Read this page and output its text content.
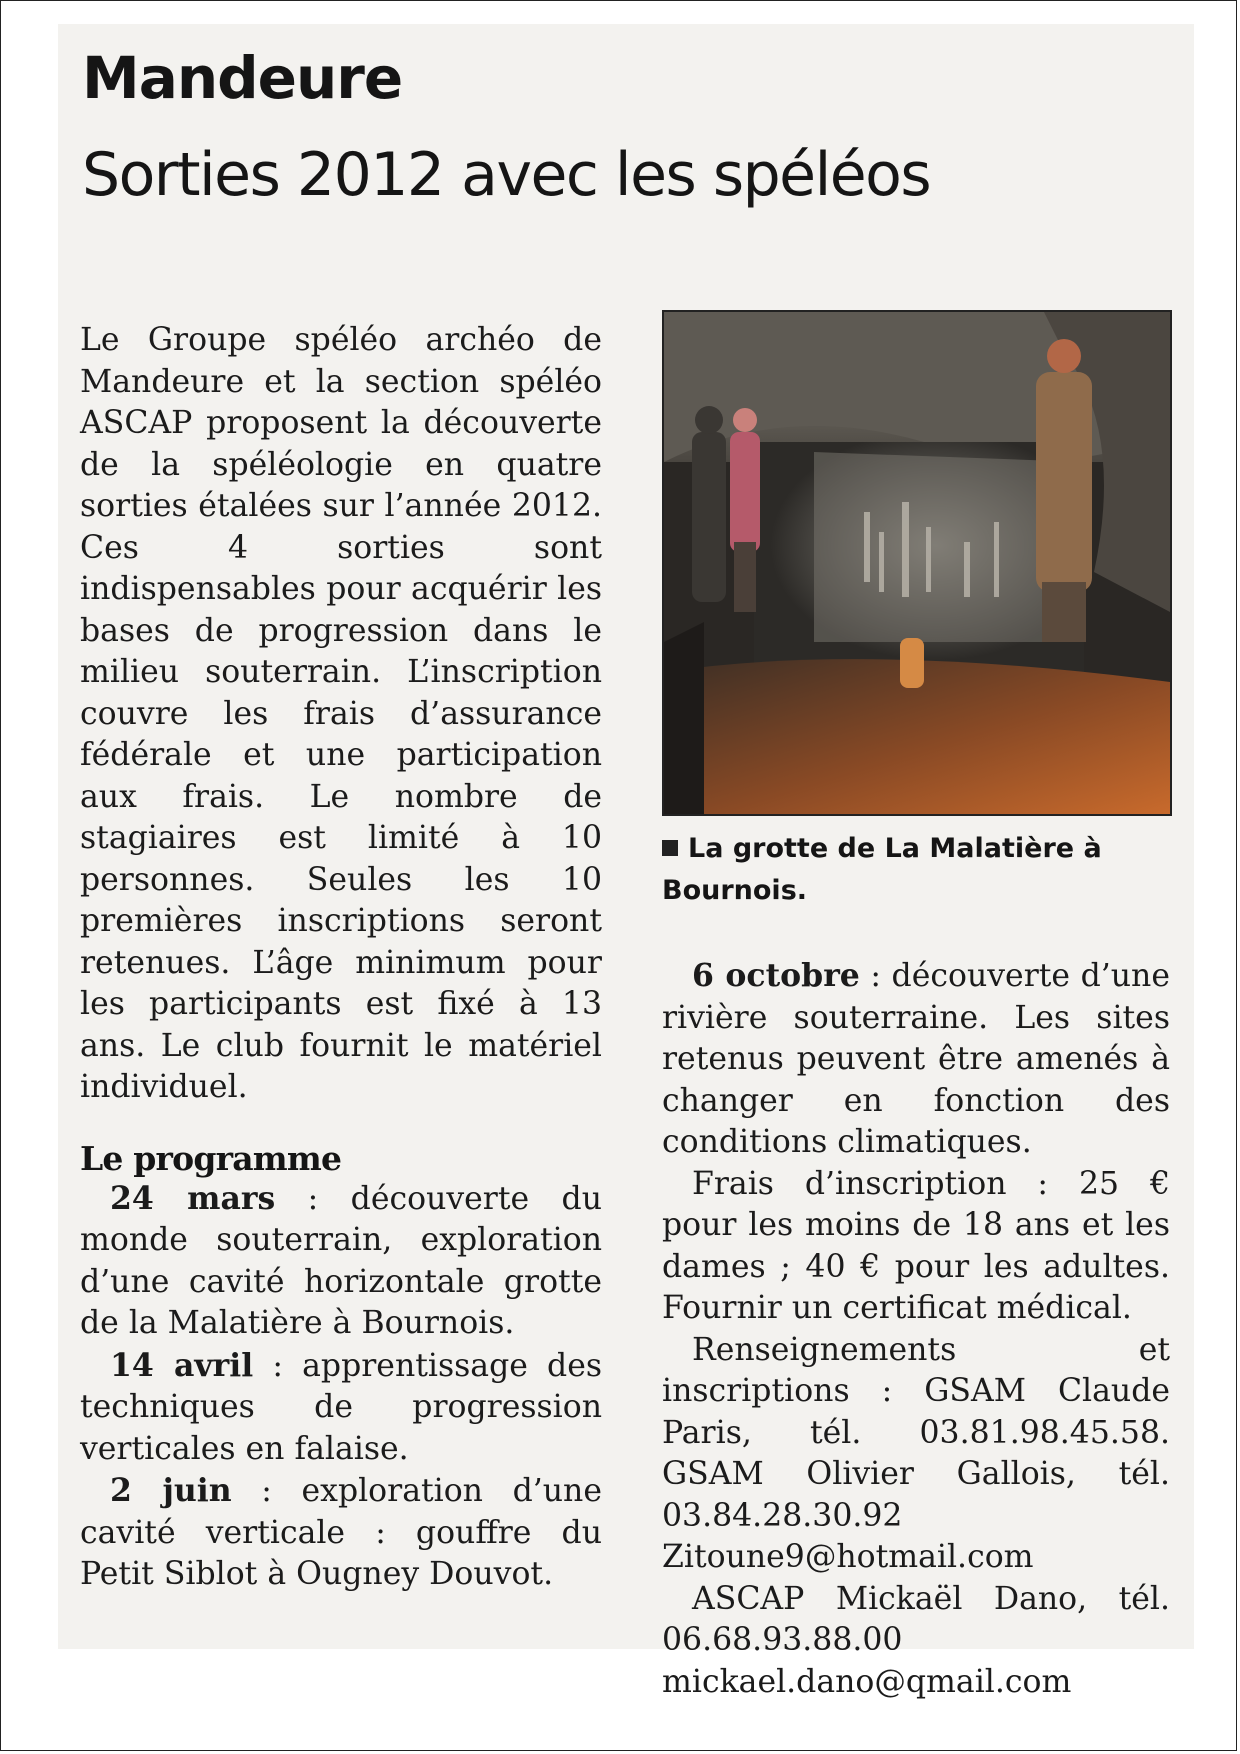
Mandeure
Sorties 2012 avec les spéléos

Le Groupe spéléo archéo de Mandeure et la section spéléo ASCAP proposent la découverte de la spéléologie en quatre sorties étalées sur l’année 2012. Ces 4 sorties sont indispensables pour acquérir les bases de progression dans le milieu souterrain. L’inscription couvre les frais d’assurance fédérale et une participation aux frais. Le nombre de stagiaires est limité à 10 personnes. Seules les 10 premières inscriptions seront retenues. L’âge minimum pour les participants est fixé à 13 ans. Le club fournit le matériel individuel.

Le programme

24 mars : découverte du monde souterrain, exploration d’une cavité horizontale grotte de la Malatière à Bournois.

14 avril : apprentissage des techniques de progression verticales en falaise.

2 juin : exploration d’une cavité verticale : gouffre du Petit Siblot à Ougney Douvot.

La grotte de La Malatière à Bournois.

6 octobre : découverte d’une rivière souterraine. Les sites retenus peuvent être amenés à changer en fonction des conditions climatiques.

Frais d’inscription : 25 € pour les moins de 18 ans et les dames ; 40 € pour les adultes. Fournir un certificat médical.

Renseignements et inscriptions : GSAM Claude Paris, tél. 03.81.98.45.58. GSAM Olivier Gallois, tél. 03.84.28.30.92 Zitoune9@hotmail.com

ASCAP Mickaël Dano, tél. 06.68.93.88.00 mickael.dano@qmail.com
